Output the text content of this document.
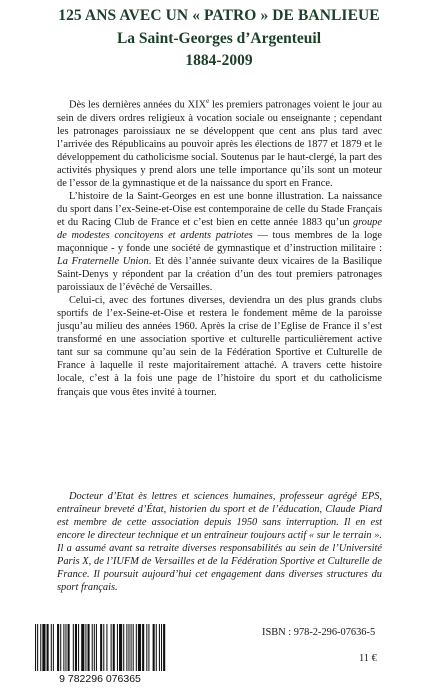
125 ANS AVEC UN « PATRO » DE BANLIEUE
La Saint-Georges d’Argenteuil
1884-2009

Dès les dernières années du XIXe les premiers patronages voient le jour au sein de divers ordres religieux à vocation sociale ou enseignante ; cependant les patronages paroissiaux ne se développent que cent ans plus tard avec l’arrivée des Républicains au pouvoir après les élections de 1877 et 1879 et le développement du catholicisme social. Soutenus par le haut-clergé, la part des activités physiques y prend alors une telle importance qu’ils sont un moteur de l’essor de la gymnastique et de la naissance du sport en France.

L’histoire de la Saint-Georges en est une bonne illustration. La naissance du sport dans l’ex-Seine-et-Oise est contemporaine de celle du Stade Français et du Racing Club de France et c’est bien en cette année 1883 qu’un groupe de modestes concitoyens et ardents patriotes — tous membres de la loge maçonnique - y fonde une société de gymnastique et d’instruction militaire : La Fraternelle Union. Et dès l’année suivante deux vicaires de la Basilique Saint-Denys y répondent par la création d’un des tout premiers patronages paroissiaux de l’évêché de Versailles.

Celui-ci, avec des fortunes diverses, deviendra un des plus grands clubs sportifs de l’ex-Seine-et-Oise et restera le fondement même de la paroisse jusqu’au milieu des années 1960. Après la crise de l’Eglise de France il s’est transformé en une association sportive et culturelle particulièrement active tant sur sa commune qu’au sein de la Fédération Sportive et Culturelle de France à laquelle il reste majoritairement attaché. A travers cette histoire locale, c’est à la fois une page de l’histoire du sport et du catholicisme français que vous êtes invité à tourner.

Docteur d’Etat ès lettres et sciences humaines, professeur agrégé EPS, entraîneur breveté d’État, historien du sport et de l’éducation, Claude Piard est membre de cette association depuis 1950 sans interruption. Il en est encore le directeur technique et un entraîneur toujours actif « sur le terrain ». Il a assumé avant sa retraite diverses responsabilités au sein de l’Université Paris X, de l’IUFM de Versailles et de la Fédération Sportive et Culturelle de France. Il poursuit aujourd’hui cet engagement dans diverses structures du sport français.

9 782296 076365

ISBN : 978-2-296-07636-5

11 €
